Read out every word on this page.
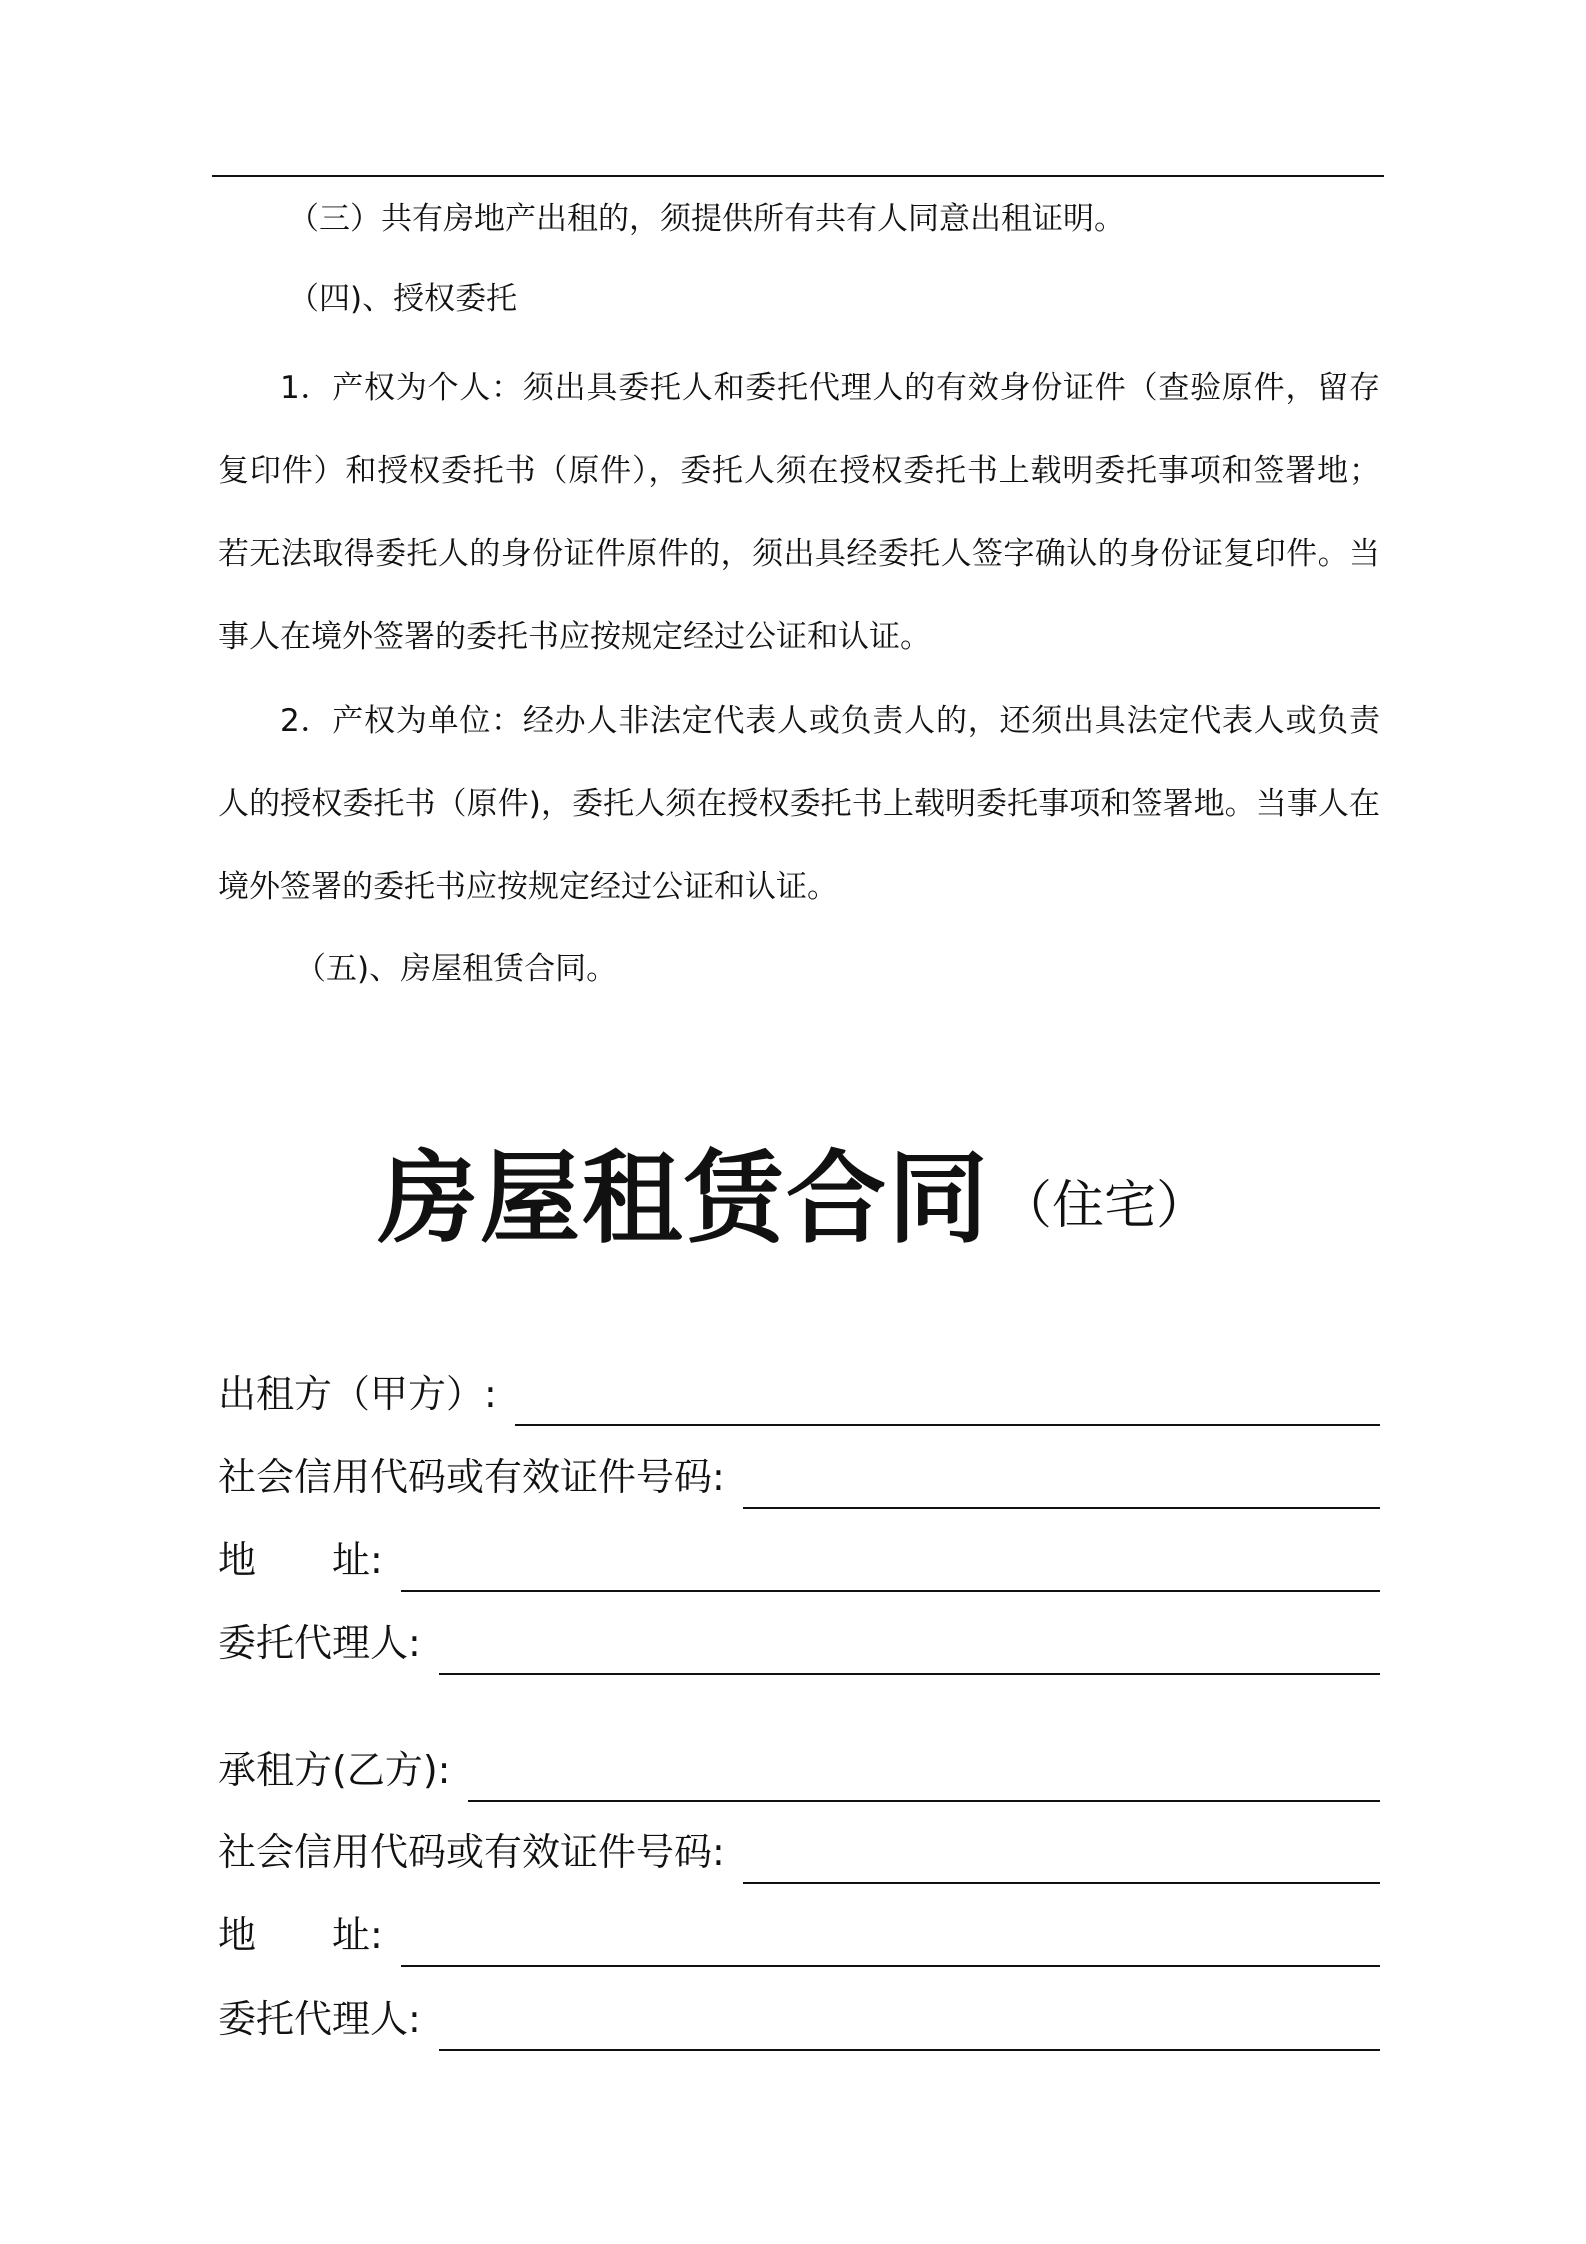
（三）共有房地产出租的，须提供所有共有人同意出租证明。

（四)、授权委托

1．产权为个人：须出具委托人和委托代理人的有效身份证件（查验原件，留存复印件）和授权委托书（原件），委托人须在授权委托书上载明委托事项和签署地；若无法取得委托人的身份证件原件的，须出具经委托人签字确认的身份证复印件。当事人在境外签署的委托书应按规定经过公证和认证。

2．产权为单位：经办人非法定代表人或负责人的，还须出具法定代表人或负责人的授权委托书（原件)，委托人须在授权委托书上载明委托事项和签署地。当事人在境外签署的委托书应按规定经过公证和认证。

（五)、房屋租赁合同。

房屋租赁合同 （住宅）
出租方（甲方）:
社会信用代码或有效证件号码:
地　　址:
委托代理人:
承租方(乙方):
社会信用代码或有效证件号码:
地　　址:
委托代理人:
